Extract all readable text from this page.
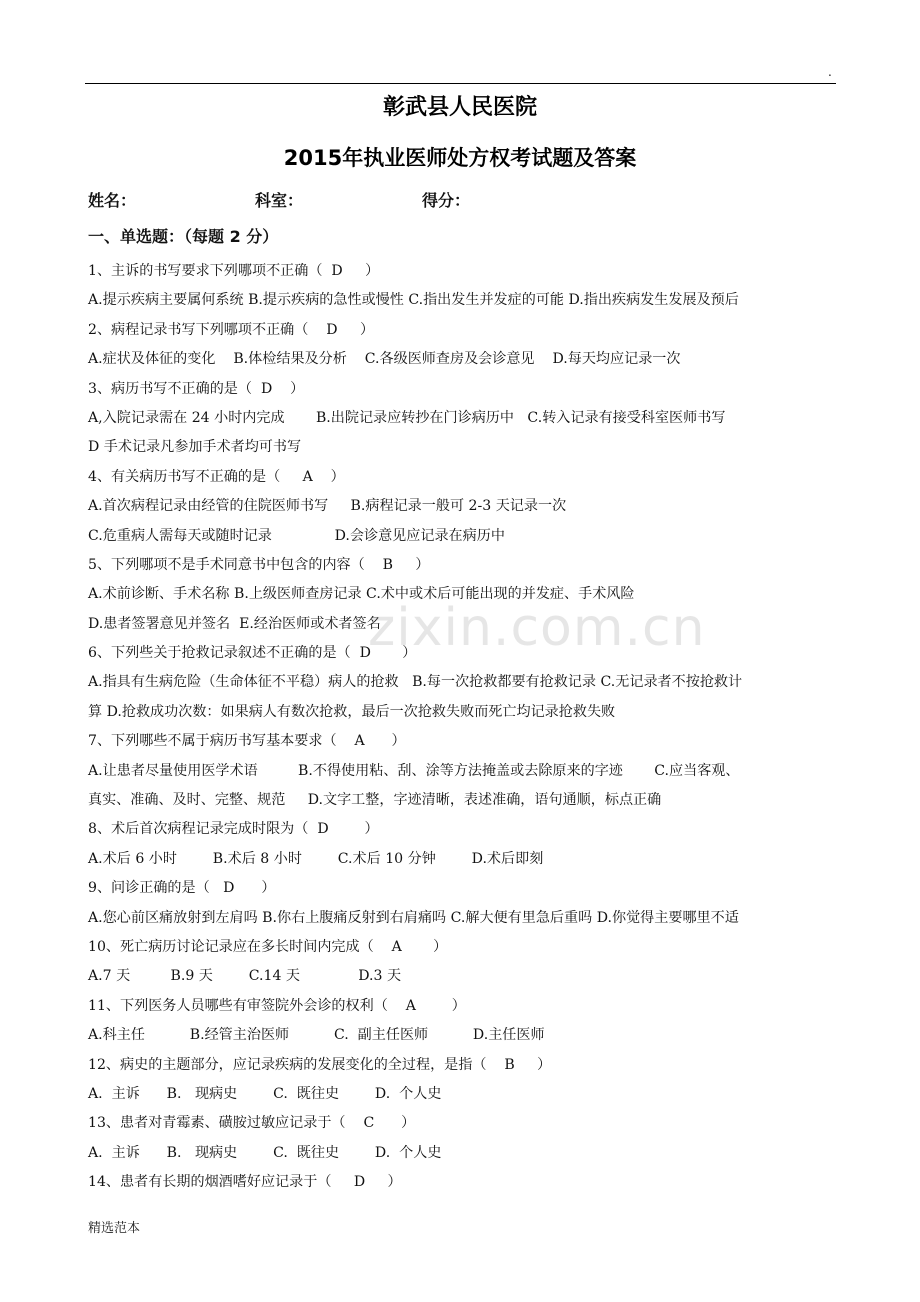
.
彰武县人民医院
2015年执业医师处方权考试题及答案
姓名：	科室：	得分：
一、单选题：（每题 2 分）
1、主诉的书写要求下列哪项不正确（  D     ）
A.提示疾病主要属何系统 B.提示疾病的急性或慢性 C.指出发生并发症的可能 D.指出疾病发生发展及预后
2、病程记录书写下列哪项不正确（    D     ）
A.症状及体征的变化    B.体检结果及分析    C.各级医师查房及会诊意见    D.每天均应记录一次
3、病历书写不正确的是（  D    ）
A,入院记录需在 24 小时内完成       B.出院记录应转抄在门诊病历中   C.转入记录有接受科室医师书写
D 手术记录凡参加手术者均可书写
4、有关病历书写不正确的是（     A    ）
A.首次病程记录由经管的住院医师书写     B.病程记录一般可 2-3 天记录一次
C.危重病人需每天或随时记录              D.会诊意见应记录在病历中
5、下列哪项不是手术同意书中包含的内容（    B     ）
A.术前诊断、手术名称 B.上级医师查房记录 C.术中或术后可能出现的并发症、手术风险
D.患者签署意见并签名  E.经治医师或术者签名
6、下列些关于抢救记录叙述不正确的是（  D       ）
A.指具有生病危险（生命体征不平稳）病人的抢救   B.每一次抢救都要有抢救记录 C.无记录者不按抢救计
算 D.抢救成功次数：如果病人有数次抢救，最后一次抢救失败而死亡均记录抢救失败
7、下列哪些不属于病历书写基本要求（    A      ）
A.让患者尽量使用医学术语         B.不得使用粘、刮、涂等方法掩盖或去除原来的字迹       C.应当客观、
真实、准确、及时、完整、规范     D.文字工整，字迹清晰，表述准确，语句通顺，标点正确
8、术后首次病程记录完成时限为（  D        ）
A.术后 6 小时        B.术后 8 小时        C.术后 10 分钟        D.术后即刻
9、问诊正确的是（   D      ）
A.您心前区痛放射到左肩吗 B.你右上腹痛反射到右肩痛吗 C.解大便有里急后重吗 D.你觉得主要哪里不适
10、死亡病历讨论记录应在多长时间内完成（    A       ）
A.7 天         B.9 天        C.14 天             D.3 天
11、下列医务人员哪些有审签院外会诊的权利（    A        ）
A.科主任          B.经管主治医师          C.  副主任医师          D.主任医师
12、病史的主题部分，应记录疾病的发展变化的全过程，是指（    B     ）
A.  主诉      B.   现病史        C.  既往史        D.  个人史
13、患者对青霉素、磺胺过敏应记录于（    C      ）
A.  主诉      B.   现病史        C.  既往史        D.  个人史
14、患者有长期的烟酒嗜好应记录于（     D     ）
zixin.com.cn
精选范本
